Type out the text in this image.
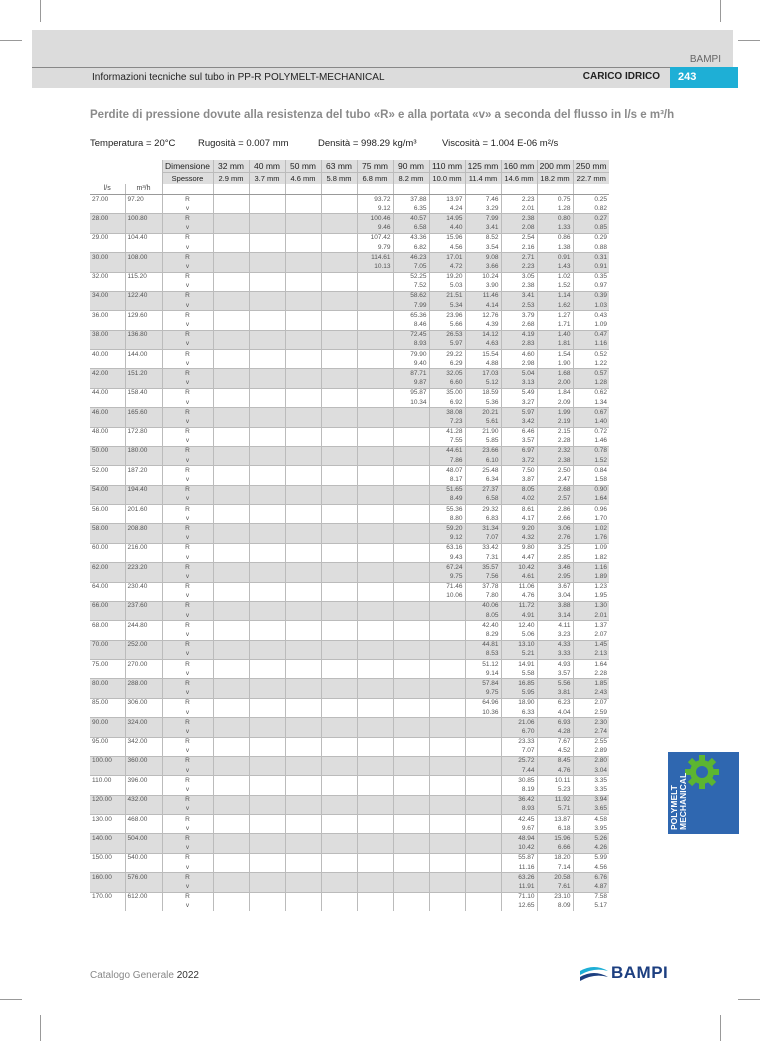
BAMPI
Informazioni tecniche sul tubo in PP-R POLYMELT-MECHANICAL	CARICO IDRICO	243
Perdite di pressione dovute alla resistenza del tubo «R» e alla portata «v» a seconda del flusso in l/s e m³/h
Temperatura = 20°C Rugosità = 0.007 mm	Densità = 998.29 kg/m³	Viscosità = 1.004 E-06 m²/s
		Dimensione	32 mm	40 mm	50 mm	63 mm	75 mm	90 mm	110 mm	125 mm	160 mm	200 mm	250 mm
		Spessore	2.9 mm	3.7 mm	4.6 mm	5.8 mm	6.8 mm	8.2 mm	10.0 mm	11.4 mm	14.6 mm	18.2 mm	22.7 mm
l/s	m³/h												
27.00	97.20	R					93.72	37.88	13.97	7.46	2.23	0.75	0.25
		v					9.12	6.35	4.24	3.29	2.01	1.28	0.82
28.00	100.80	R					100.46	40.57	14.95	7.99	2.38	0.80	0.27
		v					9.46	6.58	4.40	3.41	2.08	1.33	0.85
29.00	104.40	R					107.42	43.36	15.96	8.52	2.54	0.86	0.29
		v					9.79	6.82	4.56	3.54	2.16	1.38	0.88
30.00	108.00	R					114.61	46.23	17.01	9.08	2.71	0.91	0.31
		v					10.13	7.05	4.72	3.66	2.23	1.43	0.91
32.00	115.20	R						52.25	19.20	10.24	3.05	1.02	0.35
		v						7.52	5.03	3.90	2.38	1.52	0.97
34.00	122.40	R						58.62	21.51	11.46	3.41	1.14	0.39
		v						7.99	5.34	4.14	2.53	1.62	1.03
36.00	129.60	R						65.36	23.96	12.76	3.79	1.27	0.43
		v						8.46	5.66	4.39	2.68	1.71	1.09
38.00	136.80	R						72.45	26.53	14.12	4.19	1.40	0.47
		v						8.93	5.97	4.63	2.83	1.81	1.16
40.00	144.00	R						79.90	29.22	15.54	4.60	1.54	0.52
		v						9.40	6.29	4.88	2.98	1.90	1.22
42.00	151.20	R						87.71	32.05	17.03	5.04	1.68	0.57
		v						9.87	6.60	5.12	3.13	2.00	1.28
44.00	158.40	R						95.87	35.00	18.59	5.49	1.84	0.62
		v						10.34	6.92	5.36	3.27	2.09	1.34
46.00	165.60	R							38.08	20.21	5.97	1.99	0.67
		v							7.23	5.61	3.42	2.19	1.40
48.00	172.80	R							41.28	21.90	6.46	2.15	0.72
		v							7.55	5.85	3.57	2.28	1.46
50.00	180.00	R							44.61	23.66	6.97	2.32	0.78
		v							7.86	6.10	3.72	2.38	1.52
52.00	187.20	R							48.07	25.48	7.50	2.50	0.84
		v							8.17	6.34	3.87	2.47	1.58
54.00	194.40	R							51.65	27.37	8.05	2.68	0.90
		v							8.49	6.58	4.02	2.57	1.64
56.00	201.60	R							55.36	29.32	8.61	2.86	0.96
		v							8.80	6.83	4.17	2.66	1.70
58.00	208.80	R							59.20	31.34	9.20	3.06	1.02
		v							9.12	7.07	4.32	2.76	1.76
60.00	216.00	R							63.16	33.42	9.80	3.25	1.09
		v							9.43	7.31	4.47	2.85	1.82
62.00	223.20	R							67.24	35.57	10.42	3.46	1.16
		v							9.75	7.56	4.61	2.95	1.89
64.00	230.40	R							71.46	37.78	11.06	3.67	1.23
		v							10.06	7.80	4.76	3.04	1.95
66.00	237.60	R								40.06	11.72	3.88	1.30
		v								8.05	4.91	3.14	2.01
68.00	244.80	R								42.40	12.40	4.11	1.37
		v								8.29	5.06	3.23	2.07
70.00	252.00	R								44.81	13.10	4.33	1.45
		v								8.53	5.21	3.33	2.13
75.00	270.00	R								51.12	14.91	4.93	1.64
		v								9.14	5.58	3.57	2.28
80.00	288.00	R								57.84	16.85	5.56	1.85
		v								9.75	5.95	3.81	2.43
85.00	306.00	R								64.96	18.90	6.23	2.07
		v								10.36	6.33	4.04	2.59
90.00	324.00	R									21.06	6.93	2.30
		v									6.70	4.28	2.74
95.00	342.00	R									23.33	7.67	2.55
		v									7.07	4.52	2.89
100.00	360.00	R									25.72	8.45	2.80
		v									7.44	4.76	3.04
110.00	396.00	R									30.85	10.11	3.35
		v									8.19	5.23	3.35
120.00	432.00	R									36.42	11.92	3.94
		v									8.93	5.71	3.65
130.00	468.00	R									42.45	13.87	4.58
		v									9.67	6.18	3.95
140.00	504.00	R									48.94	15.96	5.26
		v									10.42	6.66	4.26
150.00	540.00	R									55.87	18.20	5.99
		v									11.16	7.14	4.56
160.00	576.00	R									63.26	20.58	6.76
		v									11.91	7.61	4.87
170.00	612.00	R									71.10	23.10	7.58
		v									12.65	8.09	5.17
POLYMELT MECHANICAL
Catalogo Generale 2022	BAMPI
